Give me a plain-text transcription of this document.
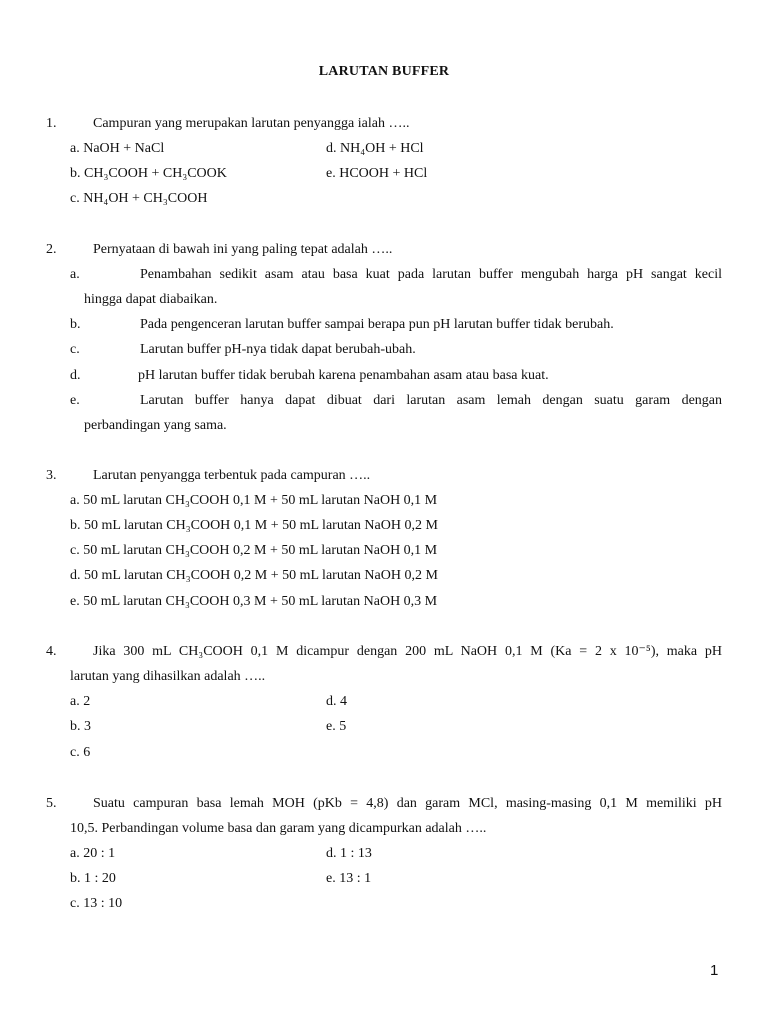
LARUTAN BUFFER
1.	Campuran yang merupakan larutan penyangga ialah …..
a. NaOH + NaCl
b. CH₃COOH + CH₃COOK
c. NH₄OH + CH₃COOH
d. NH₄OH + HCl
e. HCOOH + HCl
2.	Pernyataan di bawah ini yang paling tepat adalah …..
a.	Penambahan sedikit asam atau basa kuat pada larutan buffer mengubah harga pH sangat kecil
hingga dapat diabaikan.
b.	Pada pengenceran larutan buffer sampai berapa pun pH larutan buffer tidak berubah.
c.	Larutan buffer pH-nya tidak dapat berubah-ubah.
d.	pH larutan buffer tidak berubah karena penambahan asam atau basa kuat.
e.	Larutan buffer hanya dapat dibuat dari larutan asam lemah dengan suatu garam dengan
perbandingan yang sama.
3.	Larutan penyangga terbentuk pada campuran …..
a. 50 mL larutan CH₃COOH 0,1 M + 50 mL larutan NaOH 0,1 M
b. 50 mL larutan CH₃COOH 0,1 M + 50 mL larutan NaOH 0,2 M
c. 50 mL larutan CH₃COOH 0,2 M + 50 mL larutan NaOH 0,1 M
d. 50 mL larutan CH₃COOH 0,2 M + 50 mL larutan NaOH 0,2 M
e. 50 mL larutan CH₃COOH 0,3 M + 50 mL larutan NaOH 0,3 M
4.	Jika 300 mL CH₃COOH 0,1 M dicampur dengan 200 mL NaOH 0,1 M (Ka = 2 x 10⁻⁵), maka pH
larutan yang dihasilkan adalah …..
a. 2
b. 3
c. 6
d. 4
e. 5
5.	Suatu campuran basa lemah MOH (pKb = 4,8) dan garam MCl, masing-masing 0,1 M memiliki pH
10,5. Perbandingan volume basa dan garam yang dicampurkan adalah …..
a. 20 : 1
b. 1 : 20
c. 13 : 10
d. 1 : 13
e. 13 : 1
1
